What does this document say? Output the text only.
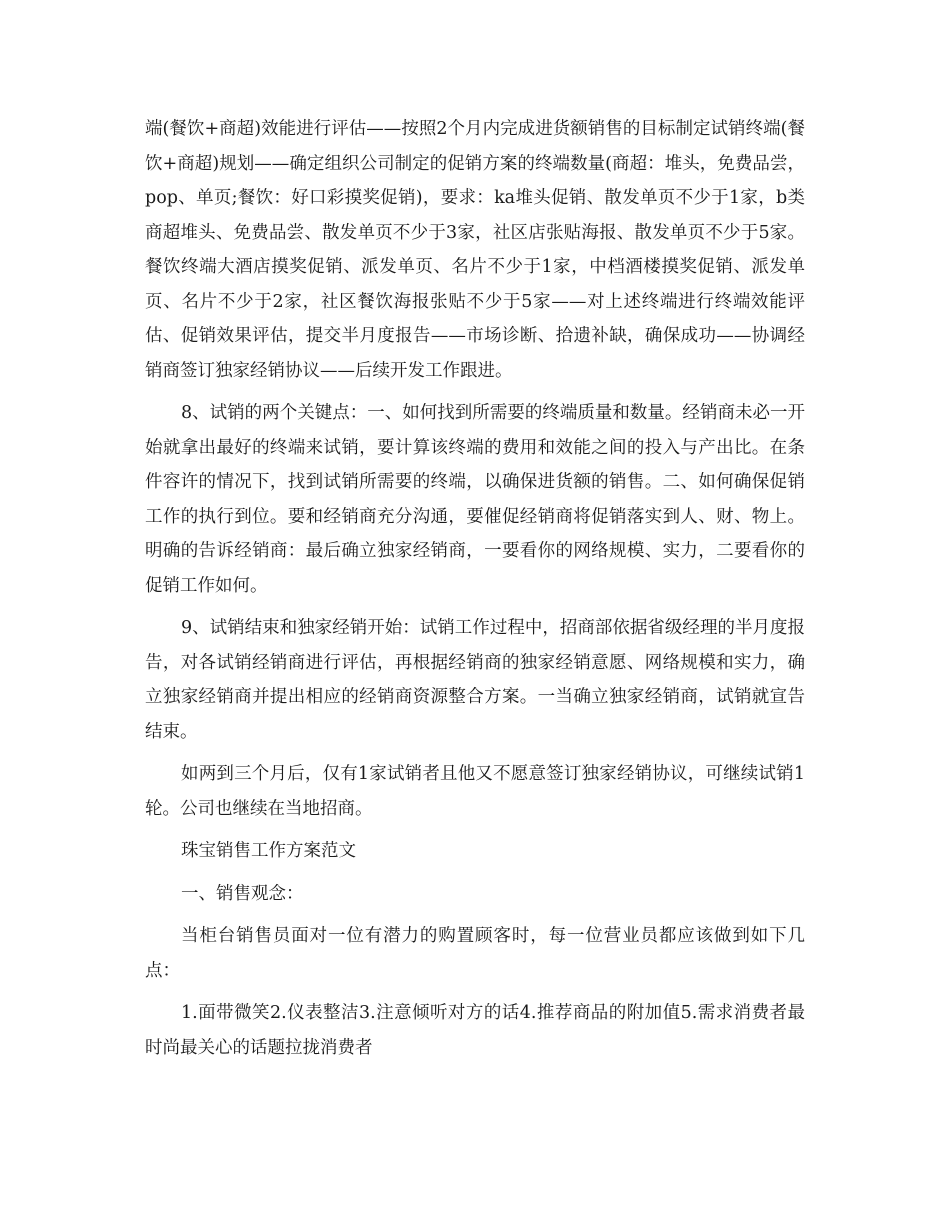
端(餐饮+商超)效能进行评估——按照2个月内完成进货额销售的目标制定试销终端(餐饮+商超)规划——确定组织公司制定的促销方案的终端数量(商超：堆头，免费品尝，pop、单页;餐饮：好口彩摸奖促销)，要求：ka堆头促销、散发单页不少于1家，b类商超堆头、免费品尝、散发单页不少于3家，社区店张贴海报、散发单页不少于5家。餐饮终端大酒店摸奖促销、派发单页、名片不少于1家，中档酒楼摸奖促销、派发单页、名片不少于2家，社区餐饮海报张贴不少于5家——对上述终端进行终端效能评估、促销效果评估，提交半月度报告——市场诊断、拾遗补缺，确保成功——协调经销商签订独家经销协议——后续开发工作跟进。

8、试销的两个关键点：一、如何找到所需要的终端质量和数量。经销商未必一开始就拿出最好的终端来试销，要计算该终端的费用和效能之间的投入与产出比。在条件容许的情况下，找到试销所需要的终端，以确保进货额的销售。二、如何确保促销工作的执行到位。要和经销商充分沟通，要催促经销商将促销落实到人、财、物上。明确的告诉经销商：最后确立独家经销商，一要看你的网络规模、实力，二要看你的促销工作如何。

9、试销结束和独家经销开始：试销工作过程中，招商部依据省级经理的半月度报告，对各试销经销商进行评估，再根据经销商的独家经销意愿、网络规模和实力，确立独家经销商并提出相应的经销商资源整合方案。一当确立独家经销商，试销就宣告结束。

如两到三个月后，仅有1家试销者且他又不愿意签订独家经销协议，可继续试销1轮。公司也继续在当地招商。

珠宝销售工作方案范文

一、销售观念：

当柜台销售员面对一位有潜力的购置顾客时，每一位营业员都应该做到如下几点：

1.面带微笑2.仪表整洁3.注意倾听对方的话4.推荐商品的附加值5.需求消费者最时尚最关心的话题拉拢消费者
